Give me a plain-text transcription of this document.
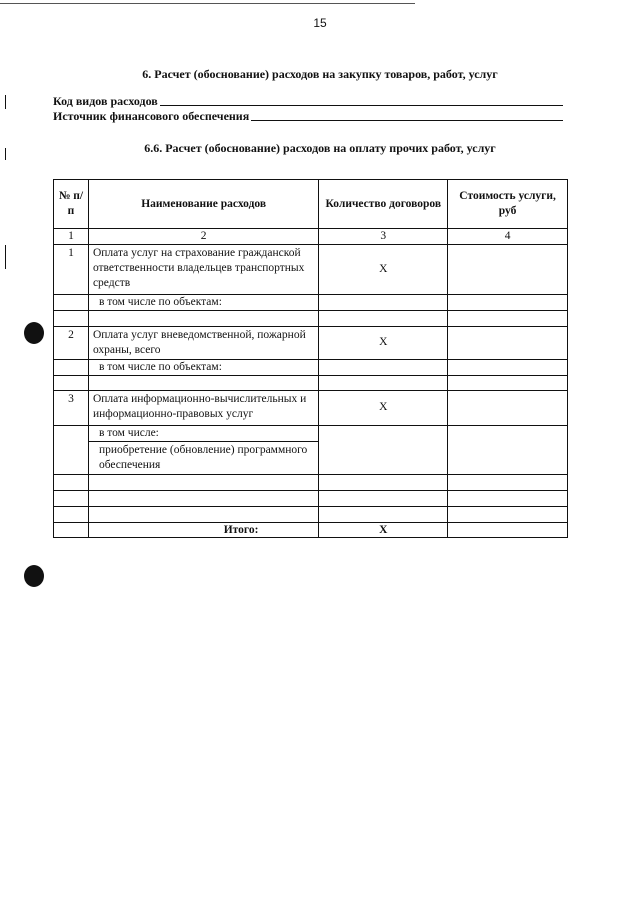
15
6. Расчет (обоснование) расходов на закупку товаров, работ, услуг
Код видов расходов
Источник финансового обеспечения
6.6. Расчет (обоснование) расходов на оплату прочих работ, услуг
№ п/п	Наименование расходов	Количество договоров	Стоимость услуги, руб
1	2	3	4
1	Оплата услуг на страхование гражданской ответственности владельцев транспортных средств	Х	
	в том числе по объектам:		

2	Оплата услуг вневедомственной, пожарной охраны, всего	Х	
	в том числе по объектам:		

3	Оплата информационно-вычислительных и информационно-правовых услуг	Х	
	в том числе:		
	приобретение (обновление) программного обеспечения		

	Итого:	Х	
